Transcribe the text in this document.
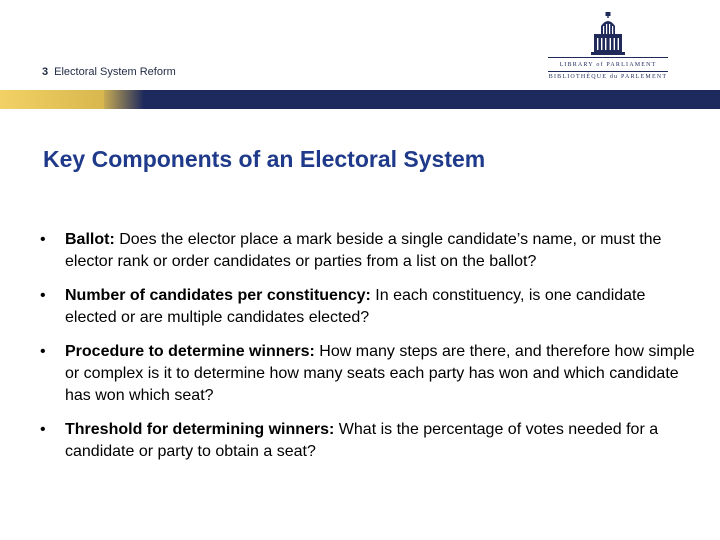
3 Electoral System Reform
LIBRARY of PARLIAMENT
BIBLIOTHÈQUE du PARLEMENT
Key Components of an Electoral System
• Ballot: Does the elector place a mark beside a single candidate’s name, or must the elector rank or order candidates or parties from a list on the ballot?
• Number of candidates per constituency: In each constituency, is one candidate elected or are multiple candidates elected?
• Procedure to determine winners: How many steps are there, and therefore how simple or complex is it to determine how many seats each party has won and which candidate has won which seat?
• Threshold for determining winners: What is the percentage of votes needed for a candidate or party to obtain a seat?
